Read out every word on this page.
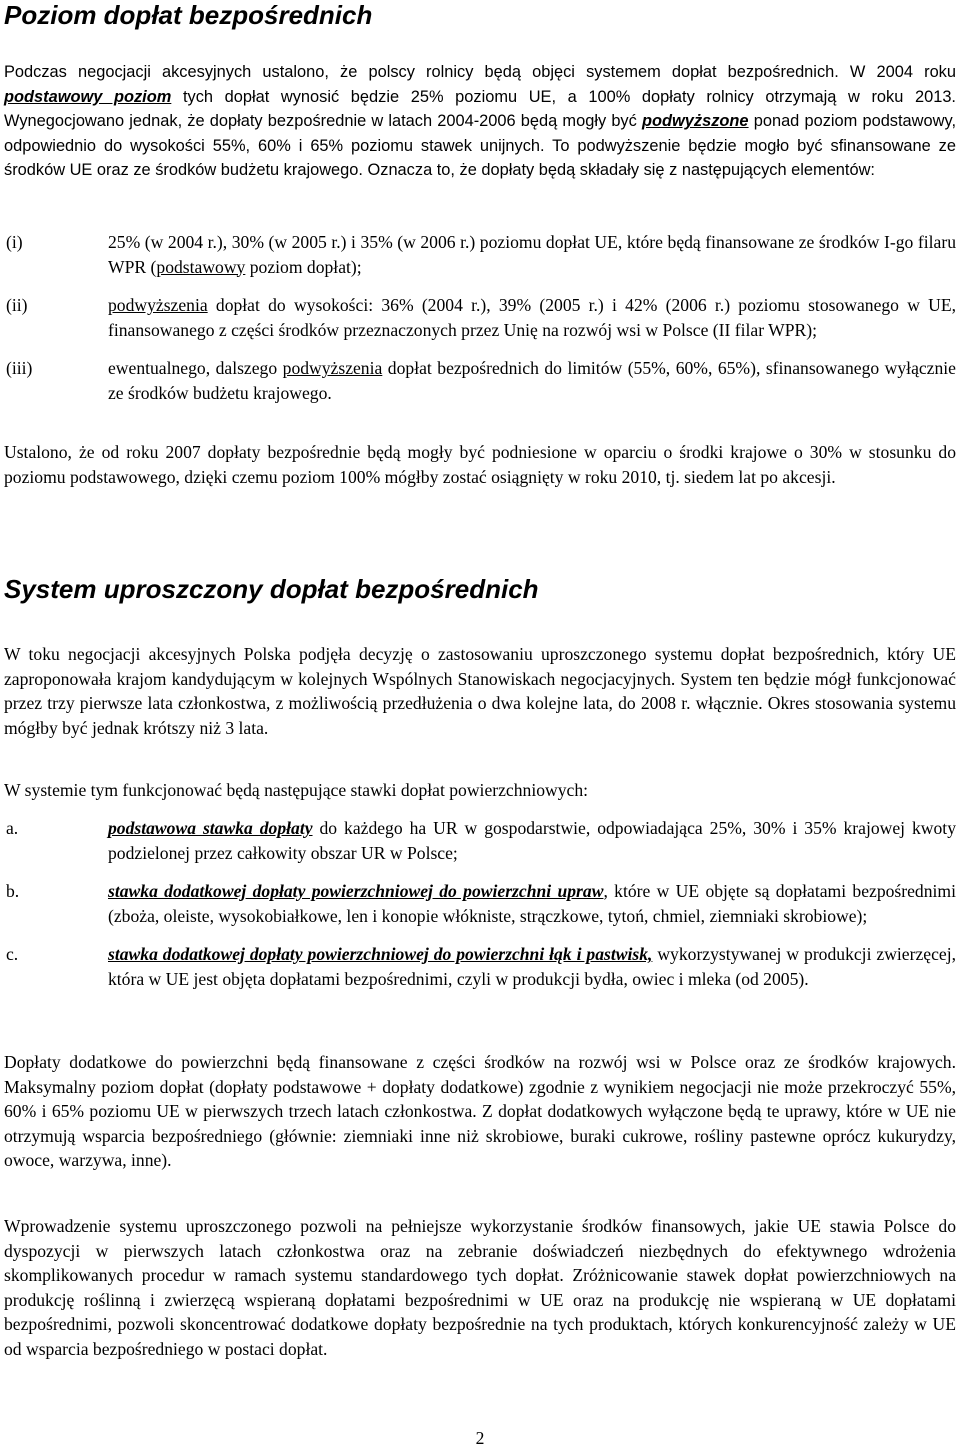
Poziom dopłat bezpośrednich

Podczas negocjacji akcesyjnych ustalono, że polscy rolnicy będą objęci systemem dopłat bezpośrednich. W 2004 roku podstawowy poziom tych dopłat wynosić będzie 25% poziomu UE, a 100% dopłaty rolnicy otrzymają w roku 2013. Wynegocjowano jednak, że dopłaty bezpośrednie w latach 2004-2006 będą mogły być podwyższone ponad poziom podstawowy, odpowiednio do wysokości 55%, 60% i 65% poziomu stawek unijnych. To podwyższenie będzie mogło być sfinansowane ze środków UE oraz ze środków budżetu krajowego. Oznacza to, że dopłaty będą składały się z następujących elementów:

(i)	25% (w 2004 r.), 30% (w 2005 r.) i 35% (w 2006 r.) poziomu dopłat UE, które będą finansowane ze środków I-go filaru WPR (podstawowy poziom dopłat);

(ii)	podwyższenia dopłat do wysokości: 36% (2004 r.), 39% (2005 r.) i 42% (2006 r.) poziomu stosowanego w UE, finansowanego z części środków przeznaczonych przez Unię na rozwój wsi w Polsce (II filar WPR);

(iii)	ewentualnego, dalszego podwyższenia dopłat bezpośrednich do limitów (55%, 60%, 65%), sfinansowanego wyłącznie ze środków budżetu krajowego.

Ustalono, że od roku 2007 dopłaty bezpośrednie będą mogły być podniesione w oparciu o środki krajowe o 30% w stosunku do poziomu podstawowego, dzięki czemu poziom 100% mógłby zostać osiągnięty w roku 2010, tj. siedem lat po akcesji.

System uproszczony dopłat bezpośrednich

W toku negocjacji akcesyjnych Polska podjęła decyzję o zastosowaniu uproszczonego systemu dopłat bezpośrednich, który UE zaproponowała krajom kandydującym w kolejnych Wspólnych Stanowiskach negocjacyjnych. System ten będzie mógł funkcjonować przez trzy pierwsze lata członkostwa, z możliwością przedłużenia o dwa kolejne lata, do 2008 r. włącznie. Okres stosowania systemu mógłby być jednak krótszy niż 3 lata.

W systemie tym funkcjonować będą następujące stawki dopłat powierzchniowych:

a.	podstawowa stawka dopłaty do każdego ha UR w gospodarstwie, odpowiadająca 25%, 30% i 35% krajowej kwoty podzielonej przez całkowity obszar UR w Polsce;

b.	stawka dodatkowej dopłaty powierzchniowej do powierzchni upraw, które w UE objęte są dopłatami bezpośrednimi (zboża, oleiste, wysokobiałkowe, len i konopie włókniste, strączkowe, tytoń, chmiel, ziemniaki skrobiowe);

c.	stawka dodatkowej dopłaty powierzchniowej do powierzchni łąk i pastwisk, wykorzystywanej w produkcji zwierzęcej, która w UE jest objęta dopłatami bezpośrednimi, czyli w produkcji bydła, owiec i mleka (od 2005).

Dopłaty dodatkowe do powierzchni będą finansowane z części środków na rozwój wsi w Polsce oraz ze środków krajowych. Maksymalny poziom dopłat (dopłaty podstawowe + dopłaty dodatkowe) zgodnie z wynikiem negocjacji nie może przekroczyć 55%, 60% i 65% poziomu UE w pierwszych trzech latach członkostwa. Z dopłat dodatkowych wyłączone będą te uprawy, które w UE nie otrzymują wsparcia bezpośredniego (głównie: ziemniaki inne niż skrobiowe, buraki cukrowe, rośliny pastewne oprócz kukurydzy, owoce, warzywa, inne).

Wprowadzenie systemu uproszczonego pozwoli na pełniejsze wykorzystanie środków finansowych, jakie UE stawia Polsce do dyspozycji w pierwszych latach członkostwa oraz na zebranie doświadczeń niezbędnych do efektywnego wdrożenia skomplikowanych procedur w ramach systemu standardowego tych dopłat. Zróżnicowanie stawek dopłat powierzchniowych na produkcję roślinną i zwierzęcą wspieraną dopłatami bezpośrednimi w UE oraz na produkcję nie wspieraną w UE dopłatami bezpośrednimi, pozwoli skoncentrować dodatkowe dopłaty bezpośrednie na tych produktach, których konkurencyjność zależy w UE od wsparcia bezpośredniego w postaci dopłat.

2
